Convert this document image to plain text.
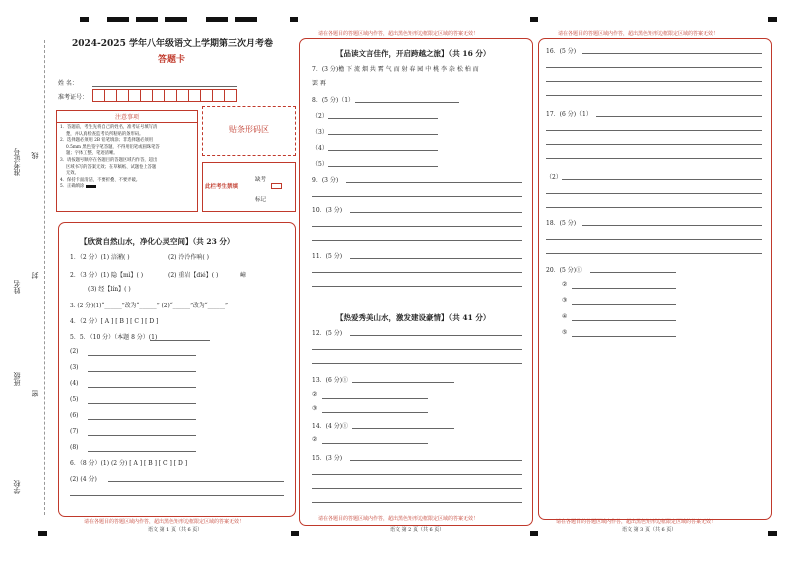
准考证号 线
姓名
封
班级
密
学校
2024-2025 学年八年级语文上学期第三次月考卷
答题卡
姓 名：
准考证号：
注意事项
1．答题前，考生先将自己的姓名，准考证号填写清
楚，并认真检查监考员所粘贴的条形码。
2．选择题必须用 2B 铅笔填涂；非选择题必须用
0.5mm 黑色签字笔答题，不得用铅笔或圆珠笔答
题；字体工整、笔迹清晰。
3．请按题号顺序在各题目的答题区域内作答，超出
区域书写的答案无效；在草稿纸、试题卷上答题
无效。
4．保持卡面清洁，不要折叠、不要弄破。
5．正确填涂
贴条形码区
此栏考生禁填
缺考
标记
【欣赏自然山水，净化心灵空间】（共 23 分）
1．（2 分）(1) 涪潲( )	(2) 泠泠作响( )
2．（3 分）(1) 隐【mì】( )	(2) 重岩【dié】( )	嶂
(3) 经【lín】( )
3. (2 分)(1)“______”改为“______” (2)“______”改为“______”
4．（2 分）[ A ] [ B ] [ C ] [ D ]
5．5．（10 分）（本题 8 分）(1)
(2)
(3)
(4)
(5)
(6)
(7)
(8)
6．（8 分）(1) (2 分) [ A ] [ B ] [ C ] [ D ]
(2) (4 分)
请在各题目的答题区域内作答，超出黑色矩形边框限定区域的答案无效！
语文 第 1 页（共 6 页）
请在各题目的答题区域内作答，超出黑色矩形边框限定区域的答案无效！
【品读文言佳作，开启跨越之旅】（共 16 分）
7．(3 分)檐 下 流 烟 共 霄 气 而 射 春 园 中 桃 李 杂 松 柏 而
罢 再
8．(5 分)（1）
（2）
（3）
（4）
（5）
9．(3 分)
10．(3 分)
11．(5 分)
【热爱秀美山水，激发建设豪情】（共 41 分）
12．(5 分)
13．(6 分)①
②
③
14．(4 分)①
②
15．(3 分)
请在各题目的答题区域内作答，超出黑色矩形边框限定区域的答案无效！
语文 第 2 页（共 6 页）
请在各题目的答题区域内作答，超出黑色矩形边框限定区域的答案无效！
16．(5 分)
17．(6 分)（1）
（2）
18．(5 分)
20．(5 分)①
②
③
④
⑤
请在各题目的答题区域内作答，超出黑色矩形边框限定区域的答案无效！
语文 第 3 页（共 6 页）
